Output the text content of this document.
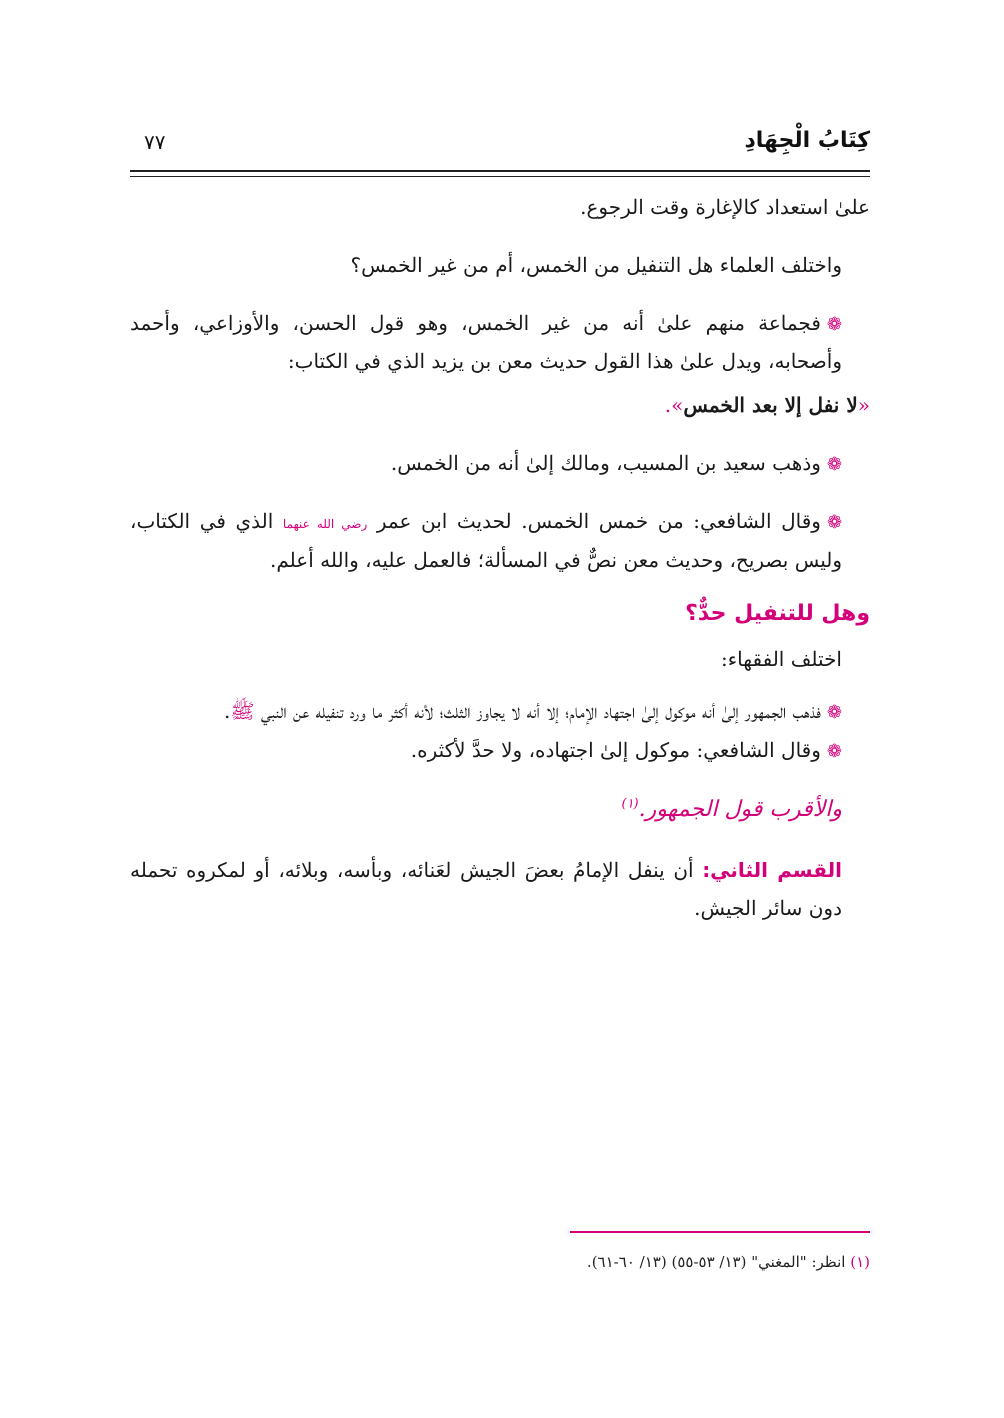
كِتَابُ الْجِهَادِ
٧٧

علىٰ استعداد كالإغارة وقت الرجوع.

واختلف العلماء هل التنفيل من الخمس، أم من غير الخمس؟

❁فجماعة منهم علىٰ أنه من غير الخمس، وهو قول الحسن، والأوزاعي، وأحمد وأصحابه، ويدل علىٰ هذا القول حديث معن بن يزيد الذي في الكتاب:

«لا نفل إلا بعد الخمس».

❁وذهب سعيد بن المسيب، ومالك إلىٰ أنه من الخمس.

❁وقال الشافعي: من خمس الخمس. لحديث ابن عمر رضي الله عنهما الذي في الكتاب، وليس بصريح، وحديث معن نصٌّ في المسألة؛ فالعمل عليه، والله أعلم.

وهل للتنفيل حدٌّ؟

اختلف الفقهاء:

❁فذهب الجمهور إلىٰ أنه موكول إلىٰ اجتهاد الإمام؛ إلا أنه لا يجاوز الثلث؛ لأنه أكثر ما ورد تنفيله عن النبي ﷺ.

❁وقال الشافعي: موكول إلىٰ اجتهاده، ولا حدَّ لأكثره.

والأقرب قول الجمهور.$^{(١)}$

القسم الثاني: أن ينفل الإمامُ بعضَ الجيش لعَنائه، وبأسه، وبلائه، أو لمكروه تحمله دون سائر الجيش.

(١) انظر: "المغني" (١٣/ ٥٣-٥٥) (١٣/ ٦٠-٦١).
